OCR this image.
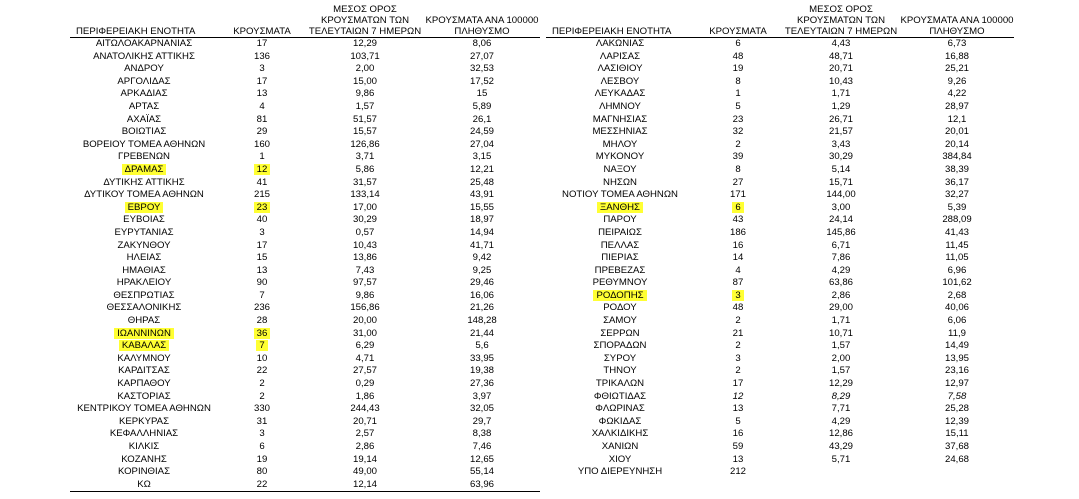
ΠΕΡΙΦΕΡΕΙΑΚΗ ΕΝΟΤΗΤΑ	ΚΡΟΥΣΜΑΤΑ	ΜΕΣΟΣ ΟΡΟΣ
ΚΡΟΥΣΜΑΤΩΝ ΤΩΝ
ΤΕΛΕΥΤΑΙΩΝ 7 ΗΜΕΡΩΝ	ΚΡΟΥΣΜΑΤΑ ΑΝΑ 100000
ΠΛΗΘΥΣΜΟ
ΑΙΤΩΛΟΑΚΑΡΝΑΝΙΑΣ	17	12,29	8,06
ΑΝΑΤΟΛΙΚΗΣ ΑΤΤΙΚΗΣ	136	103,71	27,07
ΑΝΔΡΟΥ	3	2,00	32,53
ΑΡΓΟΛΙΔΑΣ	17	15,00	17,52
ΑΡΚΑΔΙΑΣ	13	9,86	15
ΑΡΤΑΣ	4	1,57	5,89
ΑΧΑΪΑΣ	81	51,57	26,1
ΒΟΙΩΤΙΑΣ	29	15,57	24,59
ΒΟΡΕΙΟΥ ΤΟΜΕΑ ΑΘΗΝΩΝ	160	126,86	27,04
ΓΡΕΒΕΝΩΝ	1	3,71	3,15
ΔΡΑΜΑΣ	12	5,86	12,21
ΔΥΤΙΚΗΣ ΑΤΤΙΚΗΣ	41	31,57	25,48
ΔΥΤΙΚΟΥ ΤΟΜΕΑ ΑΘΗΝΩΝ	215	133,14	43,91
ΕΒΡΟΥ	23	17,00	15,55
ΕΥΒΟΙΑΣ	40	30,29	18,97
ΕΥΡΥΤΑΝΙΑΣ	3	0,57	14,94
ΖΑΚΥΝΘΟΥ	17	10,43	41,71
ΗΛΕΙΑΣ	15	13,86	9,42
ΗΜΑΘΙΑΣ	13	7,43	9,25
ΗΡΑΚΛΕΙΟΥ	90	97,57	29,46
ΘΕΣΠΡΩΤΙΑΣ	7	9,86	16,06
ΘΕΣΣΑΛΟΝΙΚΗΣ	236	156,86	21,26
ΘΗΡΑΣ	28	20,00	148,28
ΙΩΑΝΝΙΝΩΝ	36	31,00	21,44
ΚΑΒΑΛΑΣ	7	6,29	5,6
ΚΑΛΥΜΝΟΥ	10	4,71	33,95
ΚΑΡΔΙΤΣΑΣ	22	27,57	19,38
ΚΑΡΠΑΘΟΥ	2	0,29	27,36
ΚΑΣΤΟΡΙΑΣ	2	1,86	3,97
ΚΕΝΤΡΙΚΟΥ ΤΟΜΕΑ ΑΘΗΝΩΝ	330	244,43	32,05
ΚΕΡΚΥΡΑΣ	31	20,71	29,7
ΚΕΦΑΛΛΗΝΙΑΣ	3	2,57	8,38
ΚΙΛΚΙΣ	6	2,86	7,46
ΚΟΖΑΝΗΣ	19	19,14	12,65
ΚΟΡΙΝΘΙΑΣ	80	49,00	55,14
ΚΩ	22	12,14	63,96
ΠΕΡΙΦΕΡΕΙΑΚΗ ΕΝΟΤΗΤΑ	ΚΡΟΥΣΜΑΤΑ	ΜΕΣΟΣ ΟΡΟΣ
ΚΡΟΥΣΜΑΤΩΝ ΤΩΝ
ΤΕΛΕΥΤΑΙΩΝ 7 ΗΜΕΡΩΝ	ΚΡΟΥΣΜΑΤΑ ΑΝΑ 100000
ΠΛΗΘΥΣΜΟ
ΛΑΚΩΝΙΑΣ	6	4,43	6,73
ΛΑΡΙΣΑΣ	48	48,71	16,88
ΛΑΣΙΘΙΟΥ	19	20,71	25,21
ΛΕΣΒΟΥ	8	10,43	9,26
ΛΕΥΚΑΔΑΣ	1	1,71	4,22
ΛΗΜΝΟΥ	5	1,29	28,97
ΜΑΓΝΗΣΙΑΣ	23	26,71	12,1
ΜΕΣΣΗΝΙΑΣ	32	21,57	20,01
ΜΗΛΟΥ	2	3,43	20,14
ΜΥΚΟΝΟΥ	39	30,29	384,84
ΝΑΞΟΥ	8	5,14	38,39
ΝΗΣΩΝ	27	15,71	36,17
ΝΟΤΙΟΥ ΤΟΜΕΑ ΑΘΗΝΩΝ	171	144,00	32,27
ΞΑΝΘΗΣ	6	3,00	5,39
ΠΑΡΟΥ	43	24,14	288,09
ΠΕΙΡΑΙΩΣ	186	145,86	41,43
ΠΕΛΛΑΣ	16	6,71	11,45
ΠΙΕΡΙΑΣ	14	7,86	11,05
ΠΡΕΒΕΖΑΣ	4	4,29	6,96
ΡΕΘΥΜΝΟΥ	87	63,86	101,62
ΡΟΔΟΠΗΣ	3	2,86	2,68
ΡΟΔΟΥ	48	29,00	40,06
ΣΑΜΟΥ	2	1,71	6,06
ΣΕΡΡΩΝ	21	10,71	11,9
ΣΠΟΡΑΔΩΝ	2	1,57	14,49
ΣΥΡΟΥ	3	2,00	13,95
ΤΗΝΟΥ	2	1,57	23,16
ΤΡΙΚΑΛΩΝ	17	12,29	12,97
ΦΘΙΩΤΙΔΑΣ	12	8,29	7,58
ΦΛΩΡΙΝΑΣ	13	7,71	25,28
ΦΩΚΙΔΑΣ	5	4,29	12,39
ΧΑΛΚΙΔΙΚΗΣ	16	12,86	15,11
ΧΑΝΙΩΝ	59	43,29	37,68
ΧΙΟΥ	13	5,71	24,68
ΥΠΟ ΔΙΕΡΕΥΝΗΣΗ	212		
